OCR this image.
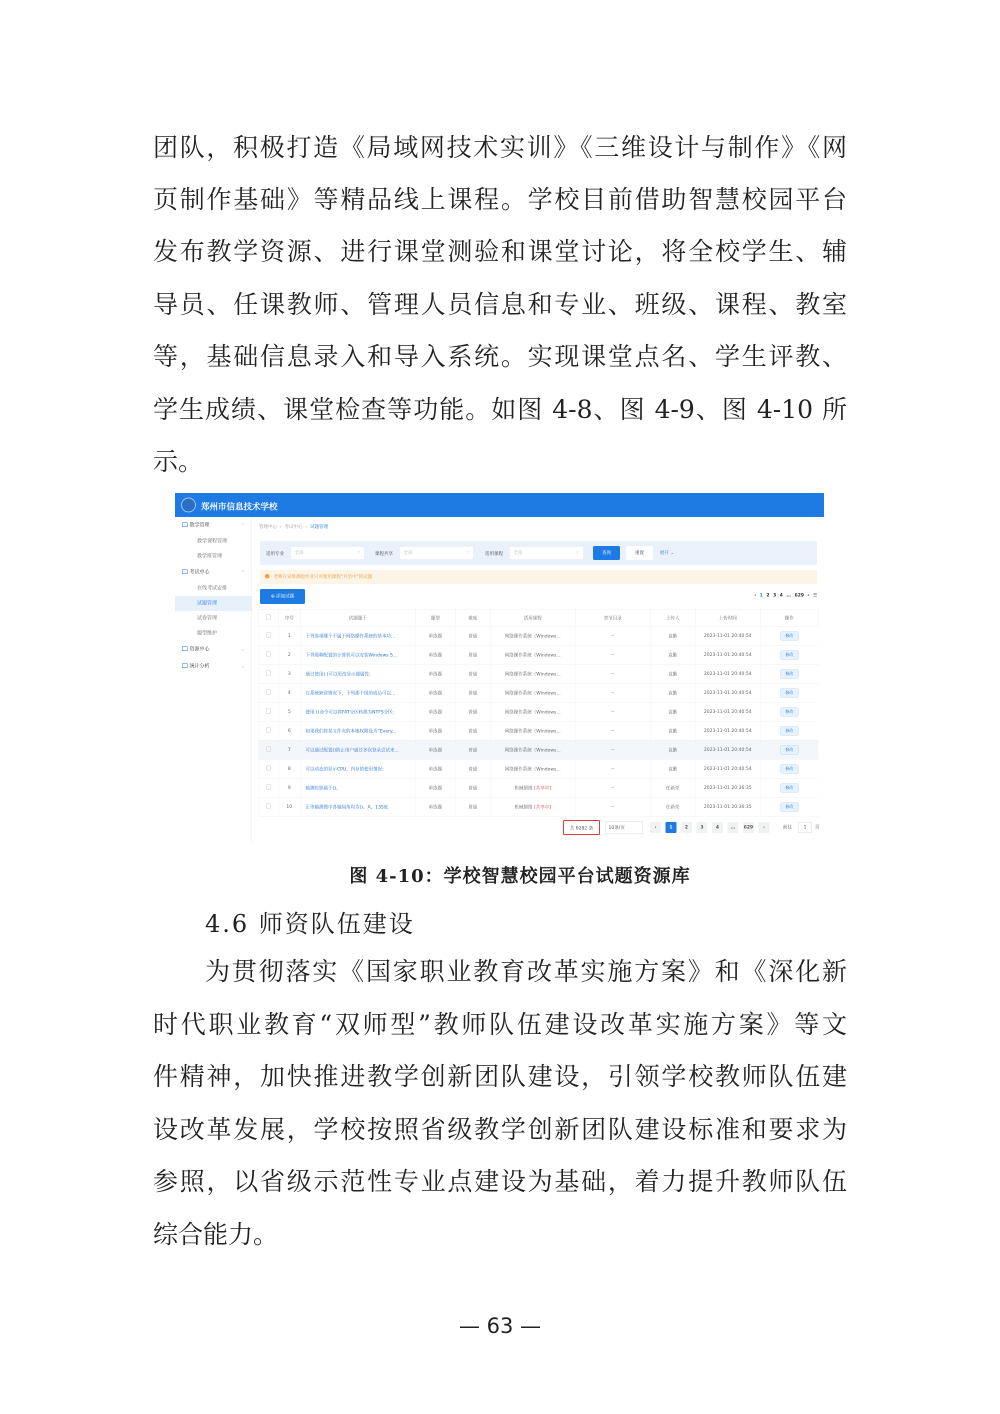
团队，积极打造《局域网技术实训》《三维设计与制作》《网
页制作基础》等精品线上课程。学校目前借助智慧校园平台
发布教学资源、进行课堂测验和课堂讨论，将全校学生、辅
导员、任课教师、管理人员信息和专业、班级、课程、教室
等，基础信息录入和导入系统。实现课堂点名、学生评教、
学生成绩、课堂检查等功能。如图 4-8、图 4-9、图 4-10 所
示。
郑州市信息技术学校
教学管理	⌃
教学课程管理
教学班管理
考试中心	⌃
在线考试安排
试题管理
试卷管理
题型维护
资源中心	⌄
统计分析	⌄
管理中心  ›  考试中心  ›  试题管理
适用专业	全部 ⌄	课程共享	全部 ⌄	适用课程	全部 ⌄	查询	重置	展开 ⌄
老师在安排测验作业只可使用课程"共享中"的试题
⊕ 添加试题	‹ 1 2 3 4 … 629 › ☰
	序号	试题题干	题型	难度	适用课程	章节目录	上传人	上传时间	操作
	1	下列选项哪个不属于网络操作系统的基本功...	单选题	普通	网络操作系统（Windows...	--	袁勤	2023-11-01 20:40:54	修改
	2	下列那种配置的计算机可以安装Windows S...	单选题	普通	网络操作系统（Windows...	--	袁勤	2023-11-01 20:40:54	修改
	3	通过使用( )可以更改显示器属性:	单选题	普通	网络操作系统（Windows...	--	袁勤	2023-11-01 20:40:54	修改
	4	在系统缺省情况下，下列那个组的成员可以...	单选题	普通	网络操作系统（Windows...	--	袁勤	2023-11-01 20:40:54	修改
	5	使用 ()命令可以将FAT分区转换为NTFS分区:	单选题	普通	网络操作系统（Windows...	--	袁勤	2023-11-01 20:40:54	修改
	6	如果我们将某文件夹的本地权限设为“Every...	单选题	普通	网络操作系统（Windows...	--	袁勤	2023-11-01 20:40:54	修改
	7	可以通过配置()防止用户通过多次登录尝试来...	单选题	普通	网络操作系统（Windows...	--	袁勤	2023-11-01 20:40:54	修改
	8	可以动态的显示CPU、内存的使用情况:	单选题	普通	网络操作系统（Windows...	--	袁勤	2023-11-01 20:40:54	修改
	9	轴测投影属于()。	单选题	普通	机械制图 [共享中]	--	任新荣	2023-11-01 20:36:35	修改
	10	正等轴测图中各轴间角均为()。A、135度	单选题	普通	机械制图 [共享中]	--	任新荣	2023-11-01 20:36:35	修改
共 6282 条	10条/页	‹	1	2	3	4	… 629	›	前往	1 页
图 4-10：学校智慧校园平台试题资源库
4.6 师资队伍建设
为贯彻落实《国家职业教育改革实施方案》和《深化新
时代职业教育“双师型”教师队伍建设改革实施方案》等文
件精神，加快推进教学创新团队建设，引领学校教师队伍建
设改革发展，学校按照省级教学创新团队建设标准和要求为
参照，以省级示范性专业点建设为基础，着力提升教师队伍
综合能力。
— 63 —
